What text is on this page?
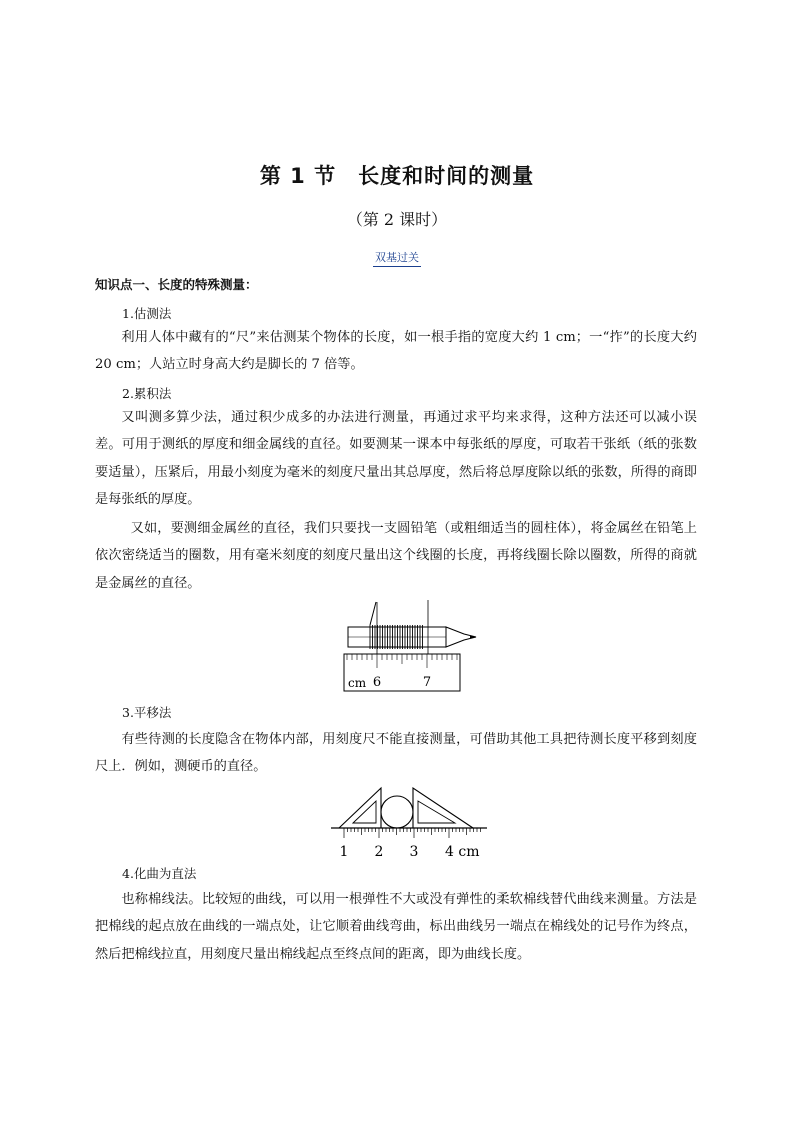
第 1 节　长度和时间的测量
（第 2 课时）
双基过关
知识点一、长度的特殊测量：
1.估测法
利用人体中藏有的“尺”来估测某个物体的长度，如一根手指的宽度大约 1 cm；一“拃”的长度大约 20 cm；人站立时身高大约是脚长的 7 倍等。
2.累积法
又叫测多算少法，通过积少成多的办法进行测量，再通过求平均来求得，这种方法还可以减小误差。可用于测纸的厚度和细金属线的直径。如要测某一课本中每张纸的厚度，可取若干张纸（纸的张数要适量），压紧后，用最小刻度为毫米的刻度尺量出其总厚度，然后将总厚度除以纸的张数，所得的商即是每张纸的厚度。
又如，要测细金属丝的直径，我们只要找一支圆铅笔（或粗细适当的圆柱体），将金属丝在铅笔上依次密绕适当的圈数，用有毫米刻度的刻度尺量出这个线圈的长度，再将线圈长除以圈数，所得的商就是金属丝的直径。
cm 6	7
3.平移法
有些待测的长度隐含在物体内部，用刻度尺不能直接测量，可借助其他工具把待测长度平移到刻度尺上．例如，测硬币的直径。
1 2 3 4 cm
4.化曲为直法
也称棉线法。比较短的曲线，可以用一根弹性不大或没有弹性的柔软棉线替代曲线来测量。方法是把棉线的起点放在曲线的一端点处，让它顺着曲线弯曲，标出曲线另一端点在棉线处的记号作为终点，然后把棉线拉直，用刻度尺量出棉线起点至终点间的距离，即为曲线长度。
